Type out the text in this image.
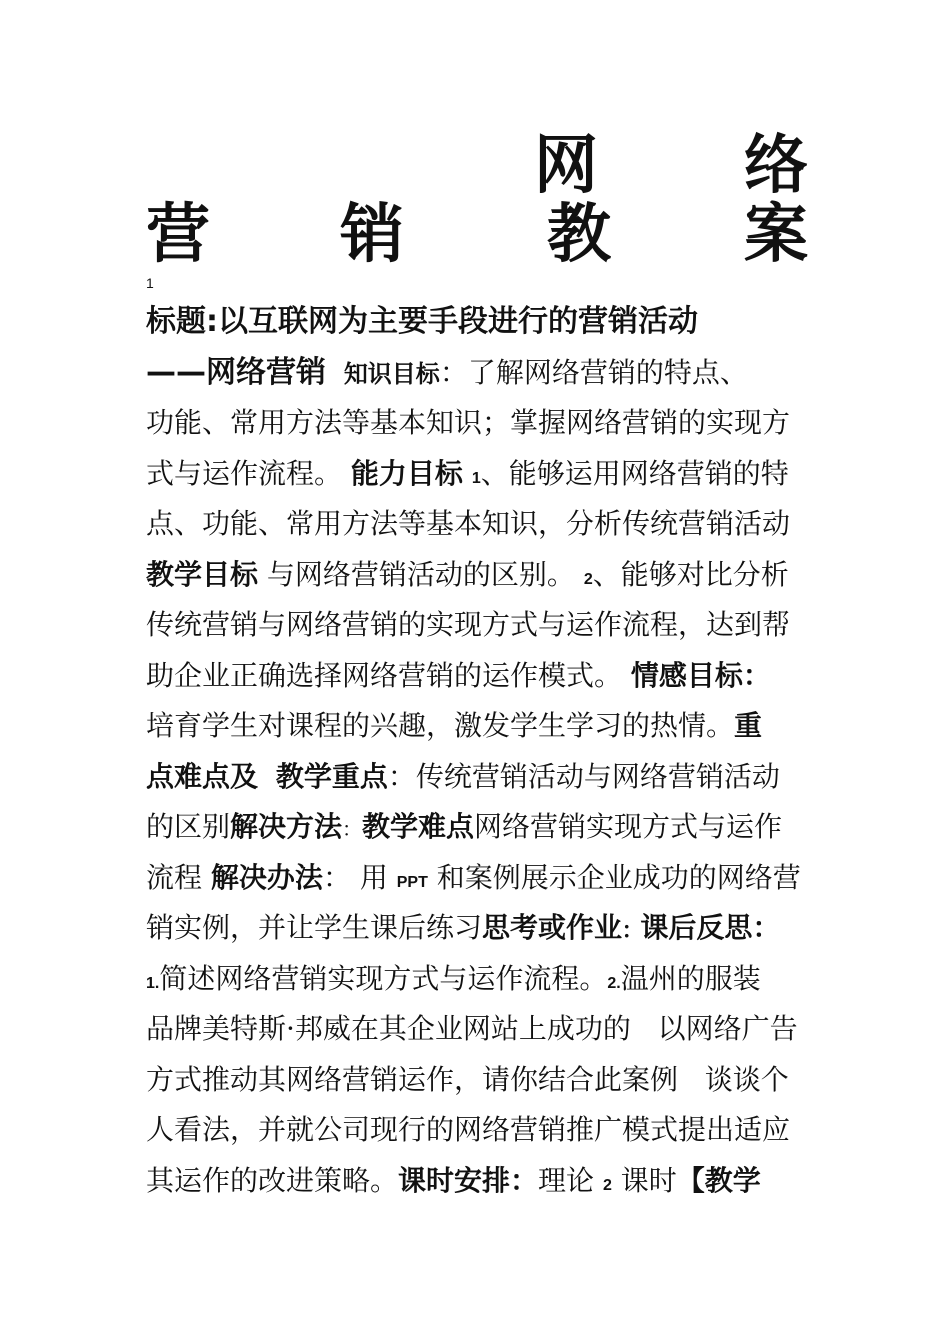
网 络
营 销 教 案
1
标题:以互联网为主要手段进行的营销活动
——网络营销 知识目标：了解网络营销的特点、
功能、常用方法等基本知识；掌握网络营销的实现方
式与运作流程。 能力目标 1、能够运用网络营销的特
点、功能、常用方法等基本知识，分析传统营销活动
教学目标 与网络营销活动的区别。 2、能够对比分析
传统营销与网络营销的实现方式与运作流程，达到帮
助企业正确选择网络营销的运作模式。 情感目标：
培育学生对课程的兴趣，激发学生学习的热情。重
点难点及 教学重点：传统营销活动与网络营销活动
的区别解决方法：教学难点网络营销实现方式与运作
流程 解决办法： 用 PPT 和案例展示企业成功的网络营
销实例，并让学生课后练习思考或作业: 课后反思：
1.简述网络营销实现方式与运作流程。2.温州的服装
品牌美特斯·邦威在其企业网站上成功的   以网络广告
方式推动其网络营销运作，请你结合此案例   谈谈个
人看法，并就公司现行的网络营销推广模式提出适应
其运作的改进策略。课时安排：理论 2 课时【教学
